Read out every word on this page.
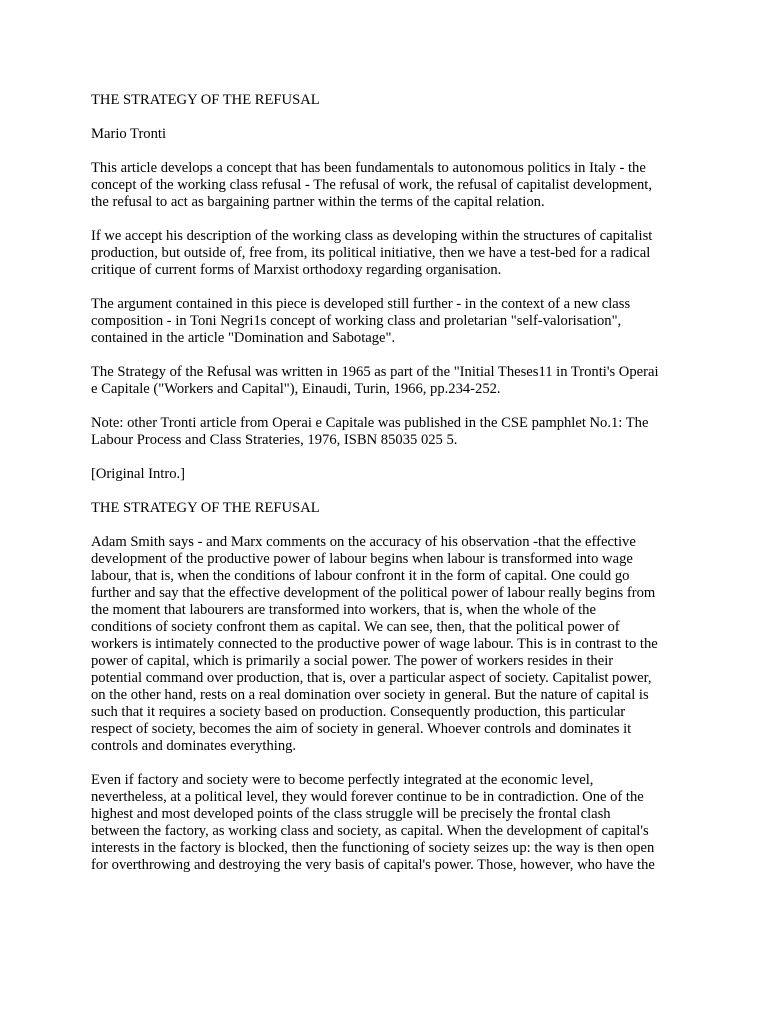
THE STRATEGY OF THE REFUSAL
Mario Tronti
This article develops a concept that has been fundamentals to autonomous politics in Italy - the
concept of the working class refusal - The refusal of work, the refusal of capitalist development,
the refusal to act as bargaining partner within the terms of the capital relation.
If we accept his description of the working class as developing within the structures of capitalist
production, but outside of, free from, its political initiative, then we have a test-bed for a radical
critique of current forms of Marxist orthodoxy regarding organisation.
The argument contained in this piece is developed still further - in the context of a new class
composition - in Toni Negri1s concept of working class and proletarian "self-valorisation",
contained in the article "Domination and Sabotage".
The Strategy of the Refusal was written in 1965 as part of the "Initial Theses11 in Tronti's Operai
e Capitale ("Workers and Capital"), Einaudi, Turin, 1966, pp.234-252.
Note: other Tronti article from Operai e Capitale was published in the CSE pamphlet No.1: The
Labour Process and Class Strateries, 1976, ISBN 85035 025 5.
[Original Intro.]
THE STRATEGY OF THE REFUSAL
Adam Smith says - and Marx comments on the accuracy of his observation -that the effective
development of the productive power of labour begins when labour is transformed into wage
labour, that is, when the conditions of labour confront it in the form of capital. One could go
further and say that the effective development of the political power of labour really begins from
the moment that labourers are transformed into workers, that is, when the whole of the
conditions of society confront them as capital. We can see, then, that the political power of
workers is intimately connected to the productive power of wage labour. This is in contrast to the
power of capital, which is primarily a social power. The power of workers resides in their
potential command over production, that is, over a particular aspect of society. Capitalist power,
on the other hand, rests on a real domination over society in general. But the nature of capital is
such that it requires a society based on production. Consequently production, this particular
respect of society, becomes the aim of society in general. Whoever controls and dominates it
controls and dominates everything.
Even if factory and society were to become perfectly integrated at the economic level,
nevertheless, at a political level, they would forever continue to be in contradiction. One of the
highest and most developed points of the class struggle will be precisely the frontal clash
between the factory, as working class and society, as capital. When the development of capital's
interests in the factory is blocked, then the functioning of society seizes up: the way is then open
for overthrowing and destroying the very basis of capital's power. Those, however, who have the
